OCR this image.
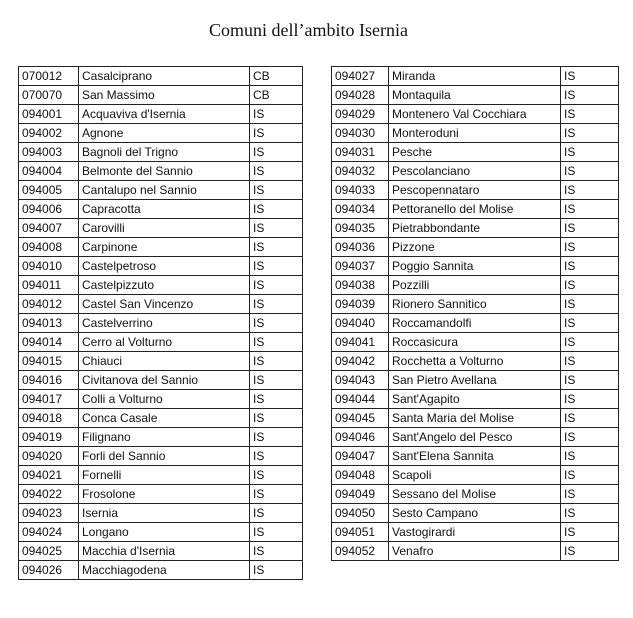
Comuni dell’ambito Isernia
070012	Casalciprano	CB
070070	San Massimo	CB
094001	Acquaviva d'Isernia	IS
094002	Agnone	IS
094003	Bagnoli del Trigno	IS
094004	Belmonte del Sannio	IS
094005	Cantalupo nel Sannio	IS
094006	Capracotta	IS
094007	Carovilli	IS
094008	Carpinone	IS
094010	Castelpetroso	IS
094011	Castelpizzuto	IS
094012	Castel San Vincenzo	IS
094013	Castelverrino	IS
094014	Cerro al Volturno	IS
094015	Chiauci	IS
094016	Civitanova del Sannio	IS
094017	Colli a Volturno	IS
094018	Conca Casale	IS
094019	Filignano	IS
094020	Forli del Sannio	IS
094021	Fornelli	IS
094022	Frosolone	IS
094023	Isernia	IS
094024	Longano	IS
094025	Macchia d'Isernia	IS
094026	Macchiagodena	IS
094027	Miranda	IS
094028	Montaquila	IS
094029	Montenero Val Cocchiara	IS
094030	Monteroduni	IS
094031	Pesche	IS
094032	Pescolanciano	IS
094033	Pescopennataro	IS
094034	Pettoranello del Molise	IS
094035	Pietrabbondante	IS
094036	Pizzone	IS
094037	Poggio Sannita	IS
094038	Pozzilli	IS
094039	Rionero Sannitico	IS
094040	Roccamandolfi	IS
094041	Roccasicura	IS
094042	Rocchetta a Volturno	IS
094043	San Pietro Avellana	IS
094044	Sant'Agapito	IS
094045	Santa Maria del Molise	IS
094046	Sant'Angelo del Pesco	IS
094047	Sant'Elena Sannita	IS
094048	Scapoli	IS
094049	Sessano del Molise	IS
094050	Sesto Campano	IS
094051	Vastogirardi	IS
094052	Venafro	IS
